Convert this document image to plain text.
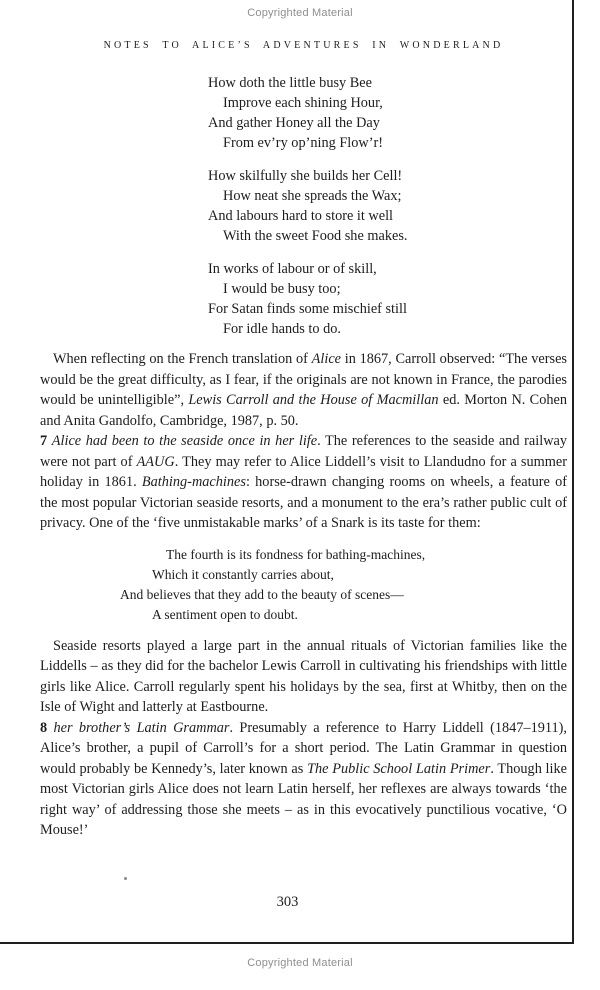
Copyrighted Material
NOTES TO ALICE’S ADVENTURES IN WONDERLAND
How doth the little busy Bee
Improve each shining Hour,
And gather Honey all the Day
From ev’ry op’ning Flow’r!
How skilfully she builds her Cell!
How neat she spreads the Wax;
And labours hard to store it well
With the sweet Food she makes.
In works of labour or of skill,
I would be busy too;
For Satan finds some mischief still
For idle hands to do.

When reflecting on the French translation of Alice in 1867, Carroll observed: “The verses would be the great difficulty, as I fear, if the originals are not known in France, the parodies would be unintelligible”, Lewis Carroll and the House of Macmillan ed. Morton N. Cohen and Anita Gandolfo, Cambridge, 1987, p. 50.

7 Alice had been to the seaside once in her life. The references to the seaside and railway were not part of AAUG. They may refer to Alice Liddell’s visit to Llandudno for a summer holiday in 1861. Bathing-machines: horse-drawn changing rooms on wheels, a feature of the most popular Victorian seaside resorts, and a monument to the era’s rather public cult of privacy. One of the ‘five unmistakable marks’ of a Snark is its taste for them:

The fourth is its fondness for bathing-machines,
Which it constantly carries about,
And believes that they add to the beauty of scenes—
A sentiment open to doubt.

Seaside resorts played a large part in the annual rituals of Victorian families like the Liddells – as they did for the bachelor Lewis Carroll in cultivating his friendships with little girls like Alice. Carroll regularly spent his holidays by the sea, first at Whitby, then on the Isle of Wight and latterly at Eastbourne.

8 her brother’s Latin Grammar. Presumably a reference to Harry Liddell (1847–1911), Alice’s brother, a pupil of Carroll’s for a short period. The Latin Grammar in question would probably be Kennedy’s, later known as The Public School Latin Primer. Though like most Victorian girls Alice does not learn Latin herself, her reflexes are always towards ‘the right way’ of addressing those she meets – as in this evocatively punctilious vocative, ‘O Mouse!’

303
Copyrighted Material
